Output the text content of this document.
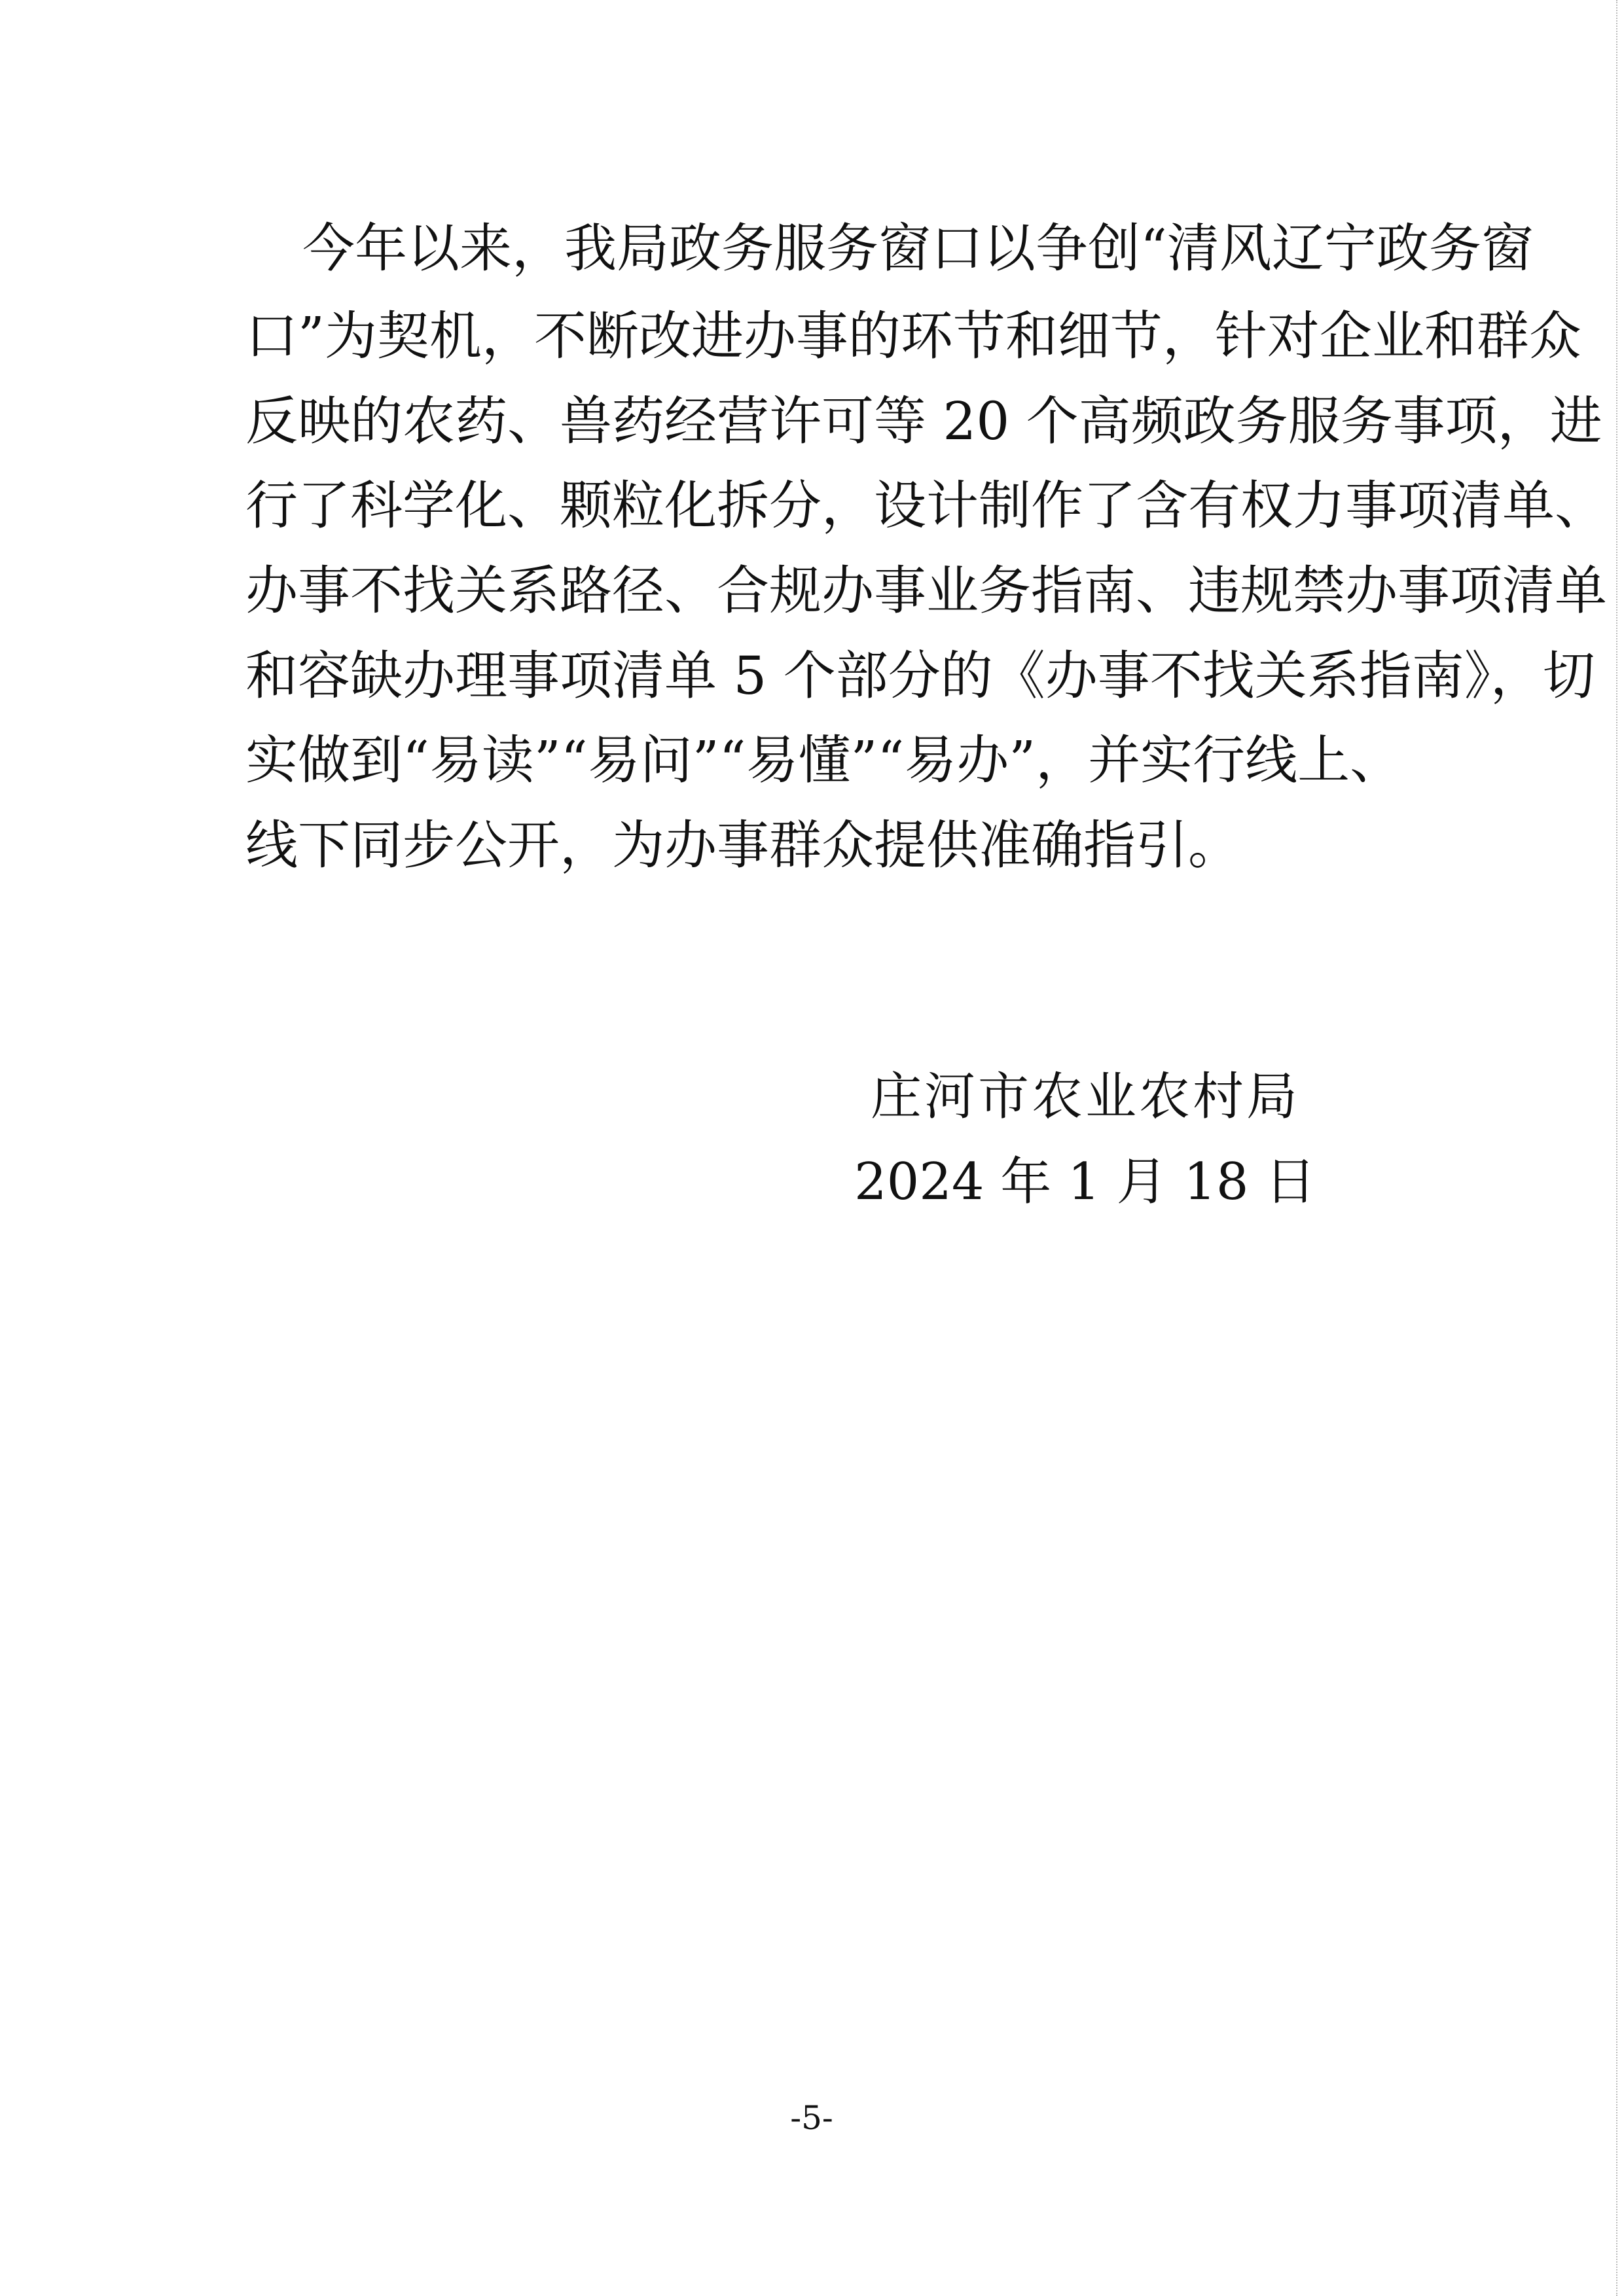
今年以来，我局政务服务窗口以争创“清风辽宁政务窗
口”为契机，不断改进办事的环节和细节，针对企业和群众
反映的农药、兽药经营许可等 20 个高频政务服务事项，进
行了科学化、颗粒化拆分，设计制作了含有权力事项清单、
办事不找关系路径、合规办事业务指南、违规禁办事项清单
和容缺办理事项清单 5 个部分的《办事不找关系指南》，切
实做到“易读”“易问”“易懂”“易办”，并实行线上、
线下同步公开，为办事群众提供准确指引。
庄河市农业农村局
2024 年 1 月 18 日
-5-
